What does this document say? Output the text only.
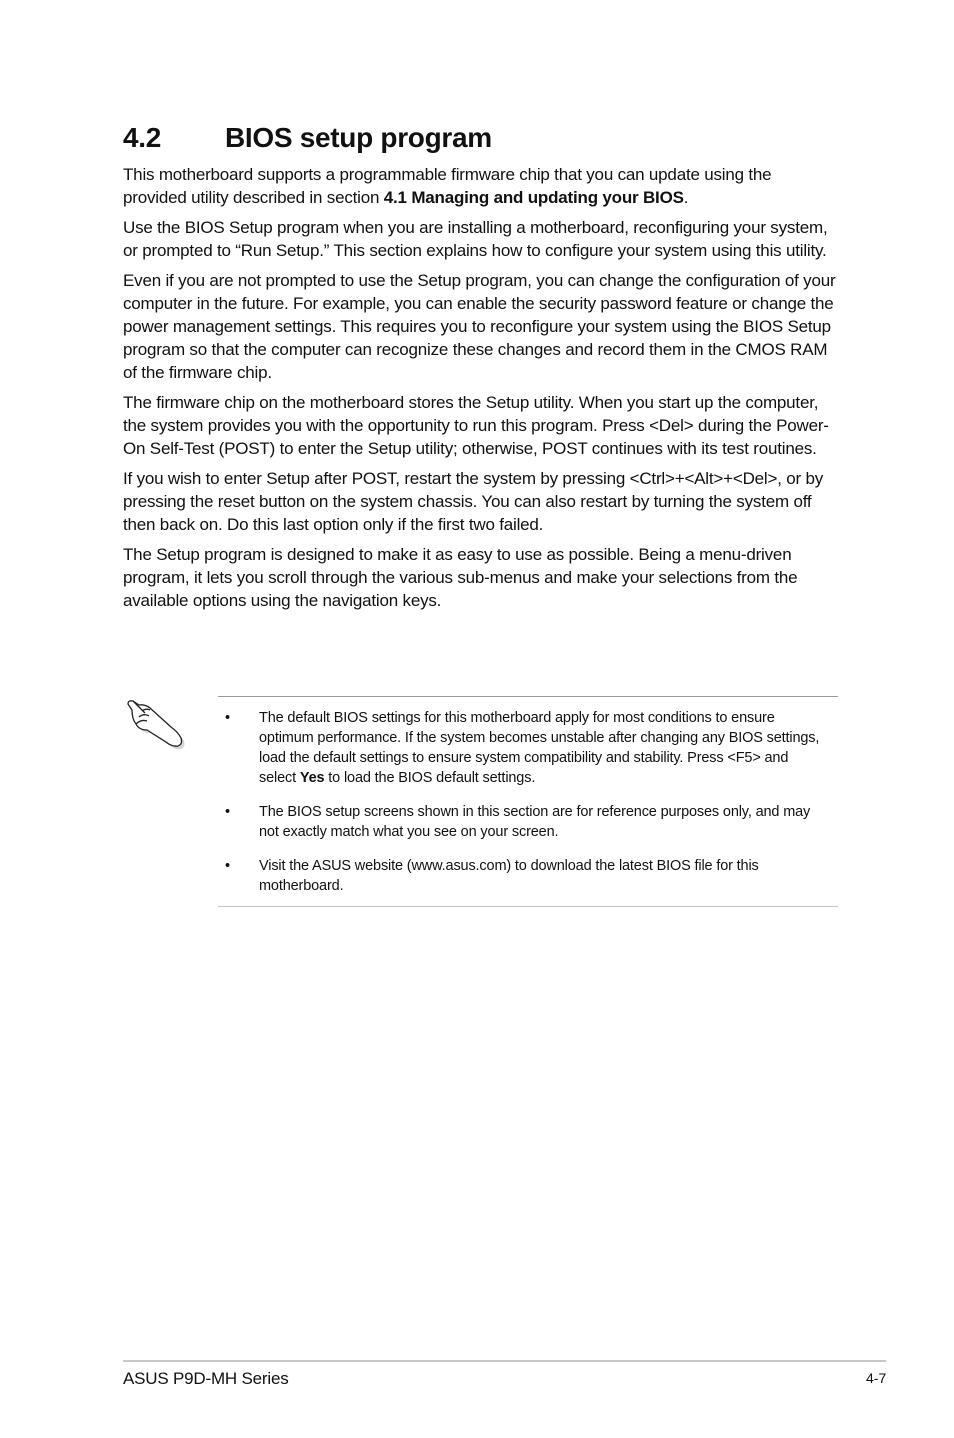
4.2 BIOS setup program

This motherboard supports a programmable firmware chip that you can update using the provided utility described in section 4.1 Managing and updating your BIOS.

Use the BIOS Setup program when you are installing a motherboard, reconfiguring your system, or prompted to “Run Setup.” This section explains how to configure your system using this utility.

Even if you are not prompted to use the Setup program, you can change the configuration of your computer in the future. For example, you can enable the security password feature or change the power management settings. This requires you to reconfigure your system using the BIOS Setup program so that the computer can recognize these changes and record them in the CMOS RAM of the firmware chip.

The firmware chip on the motherboard stores the Setup utility. When you start up the computer, the system provides you with the opportunity to run this program. Press <Del> during the Power-On Self-Test (POST) to enter the Setup utility; otherwise, POST continues with its test routines.

If you wish to enter Setup after POST, restart the system by pressing <Ctrl>+<Alt>+<Del>, or by pressing the reset button on the system chassis. You can also restart by turning the system off then back on. Do this last option only if the first two failed.

The Setup program is designed to make it as easy to use as possible. Being a menu-driven program, it lets you scroll through the various sub-menus and make your selections from the available options using the navigation keys.

• The default BIOS settings for this motherboard apply for most conditions to ensure optimum performance. If the system becomes unstable after changing any BIOS settings, load the default settings to ensure system compatibility and stability. Press <F5> and select Yes to load the BIOS default settings.
• The BIOS setup screens shown in this section are for reference purposes only, and may not exactly match what you see on your screen.
• Visit the ASUS website (www.asus.com) to download the latest BIOS file for this motherboard.
ASUS P9D-MH Series	4-7
